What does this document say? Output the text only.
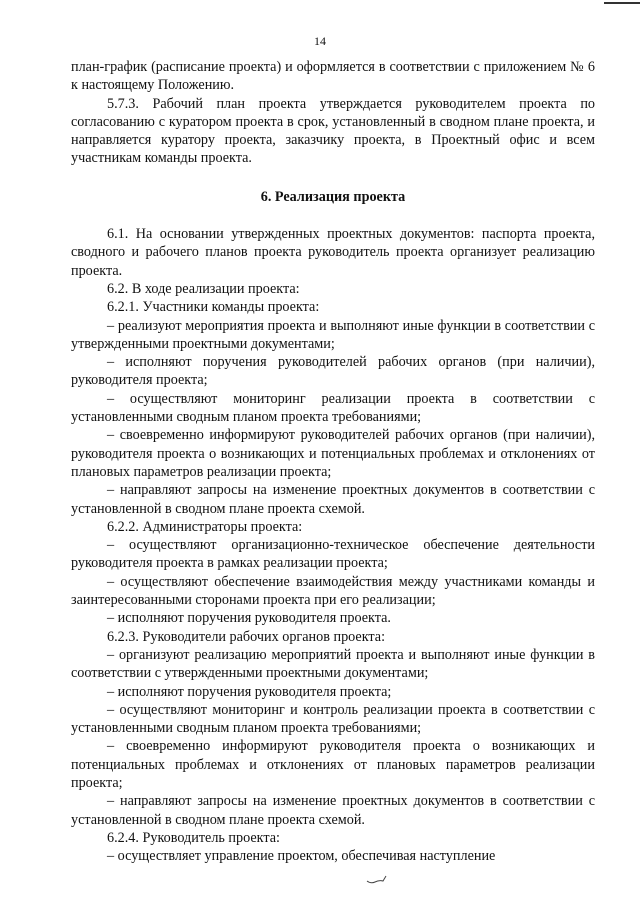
14

план-график (расписание проекта) и оформляется в соответствии с приложением № 6 к настоящему Положению.

5.7.3. Рабочий план проекта утверждается руководителем проекта по согласованию с куратором проекта в срок, установленный в сводном плане проекта, и направляется куратору проекта, заказчику проекта, в Проектный офис и всем участникам команды проекта.

6. Реализация проекта

6.1. На основании утвержденных проектных документов: паспорта проекта, сводного и рабочего планов проекта руководитель проекта организует реализацию проекта.

6.2. В ходе реализации проекта:

6.2.1. Участники команды проекта:

– реализуют мероприятия проекта и выполняют иные функции в соответствии с утвержденными проектными документами;

– исполняют поручения руководителей рабочих органов (при наличии), руководителя проекта;

– осуществляют мониторинг реализации проекта в соответствии с установленными сводным планом проекта требованиями;

– своевременно информируют руководителей рабочих органов (при наличии), руководителя проекта о возникающих и потенциальных проблемах и отклонениях от плановых параметров реализации проекта;

– направляют запросы на изменение проектных документов в соответствии с установленной в сводном плане проекта схемой.

6.2.2. Администраторы проекта:

– осуществляют организационно-техническое обеспечение деятельности руководителя проекта в рамках реализации проекта;

– осуществляют обеспечение взаимодействия между участниками команды и заинтересованными сторонами проекта при его реализации;

– исполняют поручения руководителя проекта.

6.2.3. Руководители рабочих органов проекта:

– организуют реализацию мероприятий проекта и выполняют иные функции в соответствии с утвержденными проектными документами;

– исполняют поручения руководителя проекта;

– осуществляют мониторинг и контроль реализации проекта в соответствии с установленными сводным планом проекта требованиями;

– своевременно информируют руководителя проекта о возникающих и потенциальных проблемах и отклонениях от плановых параметров реализации проекта;

– направляют запросы на изменение проектных документов в соответствии с установленной в сводном плане проекта схемой.

6.2.4. Руководитель проекта:

– осуществляет управление проектом, обеспечивая наступление
